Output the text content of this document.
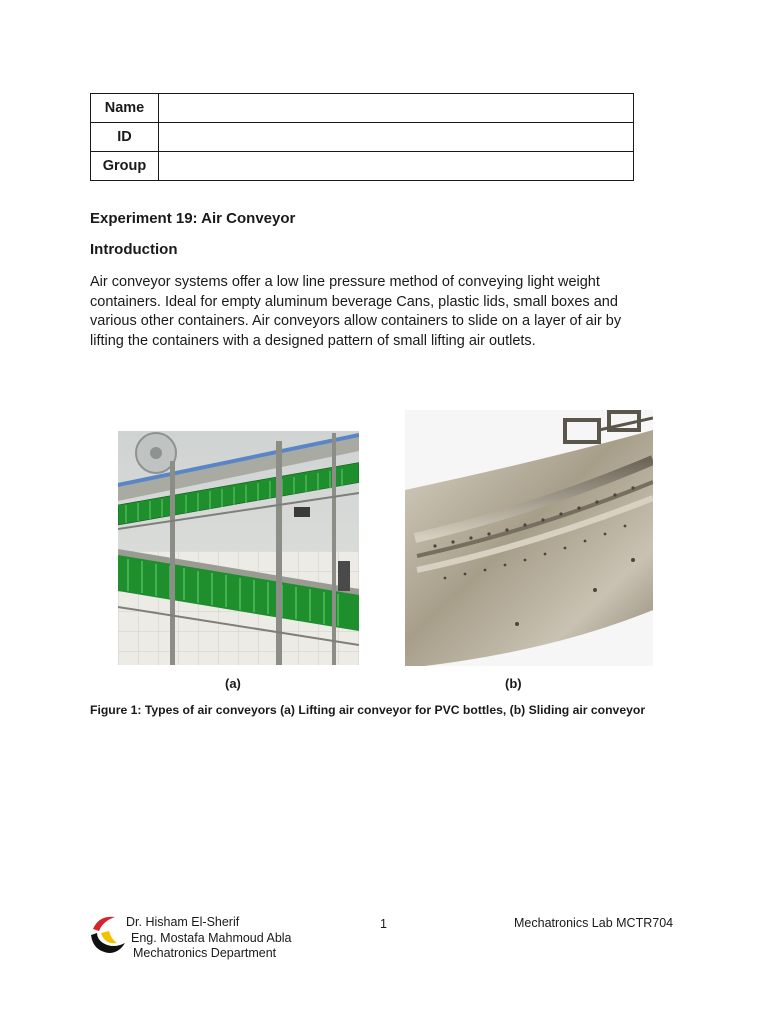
Name	
ID	
Group	
Experiment 19: Air Conveyor
Introduction

Air conveyor systems offer a low line pressure method of conveying light weight containers. Ideal for empty aluminum beverage Cans, plastic lids, small boxes and various other containers. Air conveyors allow containers to slide on a layer of air by lifting the containers with a designed pattern of small lifting air outlets.

(a)	(b)
Figure 1: Types of air conveyors (a) Lifting air conveyor for PVC bottles, (b) Sliding air conveyor
Dr. Hisham El-Sherif
Eng. Mostafa Mahmoud Abla
Mechatronics Department
1	Mechatronics Lab MCTR704
